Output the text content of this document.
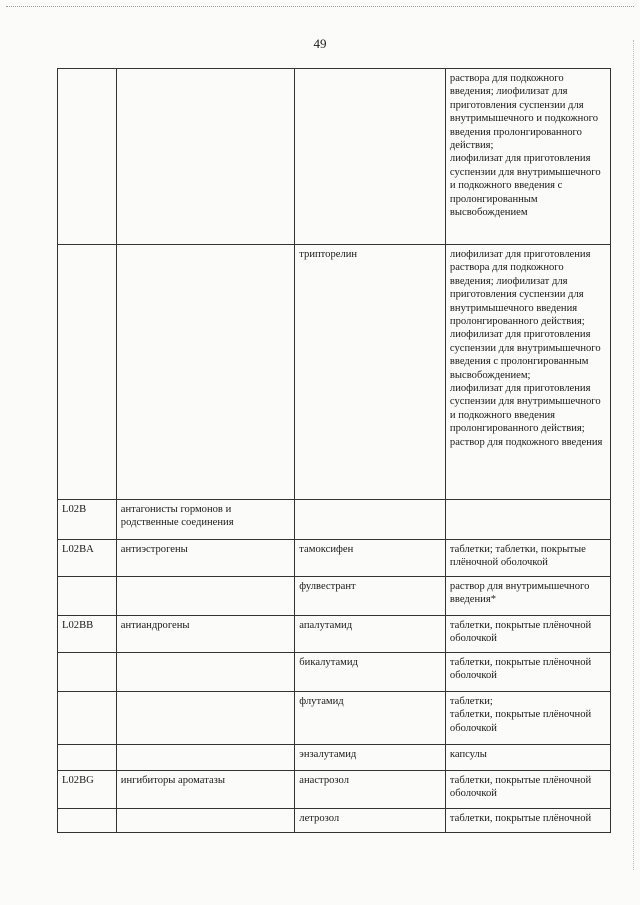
49
			раствора для подкожного введения; лиофилизат для приготовления суспензии для внутримышечного и подкожного введения пролонгированного действия;
лиофилизат для приготовления суспензии для внутримышечного и подкожного введения с пролонгированным высвобождением
		трипторелин	лиофилизат для приготовления раствора для подкожного введения; лиофилизат для приготовления суспензии для внутримышечного введения пролонгированного действия;
лиофилизат для приготовления суспензии для внутримышечного введения с пролонгированным высвобождением;
лиофилизат для приготовления суспензии для внутримышечного и подкожного введения пролонгированного действия;
раствор для подкожного введения
L02B	антагонисты гормонов и родственные соединения		
L02BA	антиэстрогены	тамоксифен	таблетки; таблетки, покрытые плёночной оболочкой
		фулвестрант	раствор для внутримышечного введения*
L02BB	антиандрогены	апалутамид	таблетки, покрытые плёночной оболочкой
		бикалутамид	таблетки, покрытые плёночной оболочкой
		флутамид	таблетки;
таблетки, покрытые плёночной оболочкой
		энзалутамид	капсулы
L02BG	ингибиторы ароматазы	анастрозол	таблетки, покрытые плёночной оболочкой
		летрозол	таблетки, покрытые плёночной
